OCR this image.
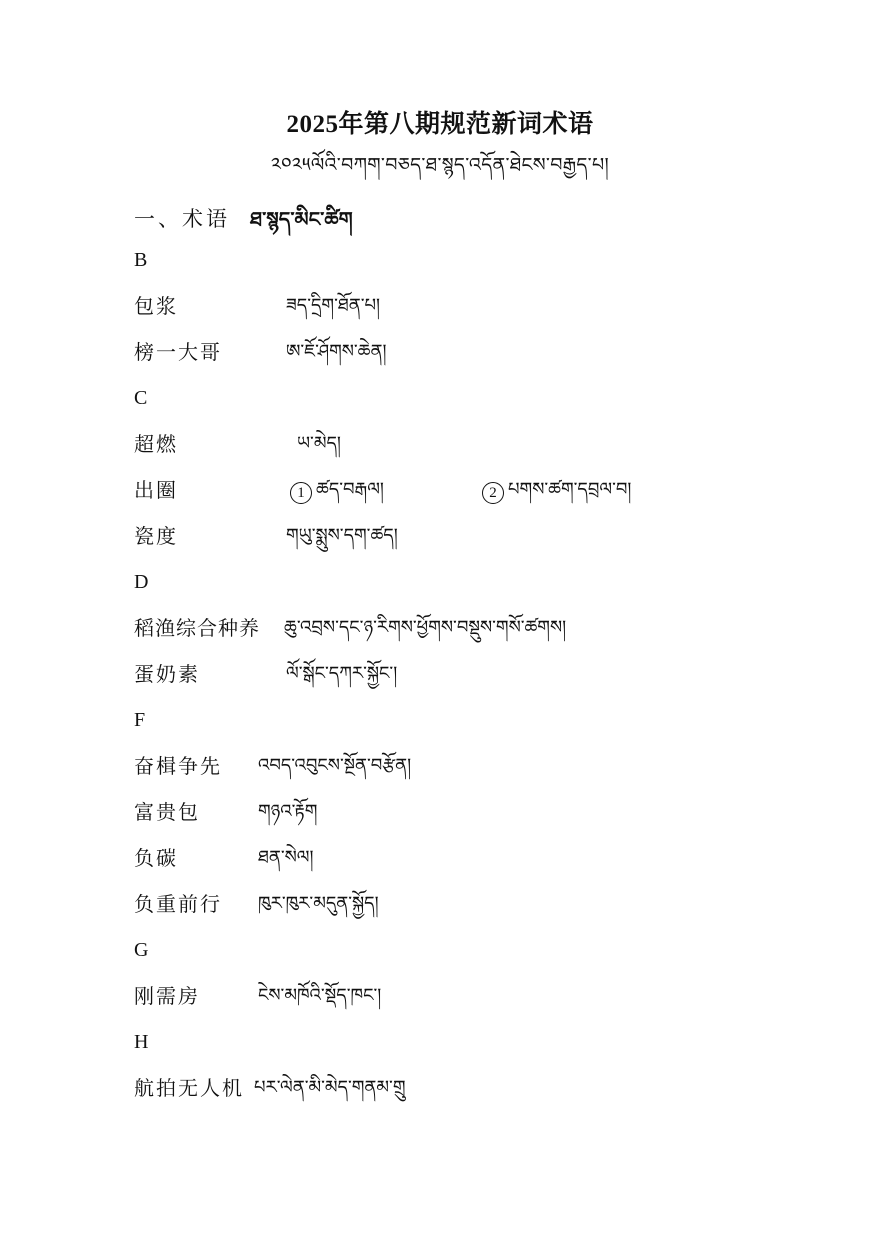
2025年第八期规范新词术语
༢༠༢༥ལོའི་བཀག་བཅད་ཐ་སྙད་འདོན་ཐེངས་བརྒྱད་པ།
一、术语 ཐ་སྙད་མིང་ཚིག
B
包浆	ཟད་དྲིག་ཐོན་པ།
榜一大哥	ཨ་ཇོ་ཤོགས་ཆེན།
C
超燃	ཡ་མེད།
出圈	1 ཚད་བརྒལ།	2 པགས་ཚག་དབྲལ་བ།
瓷度	གཡུ་སྨུས་དག་ཚད།
D
稻渔综合种养 ཆུ་འབྲས་དང་ཉ་རིགས་ཕྱོགས་བསྡུས་གསོ་ཚགས།
蛋奶素	ལོ་སྒོང་དཀར་སྐྱོང་།
F
奋楫争先 འབད་འབུངས་སྔོན་བརྩོན།
富贵包	གཉའ་རྟོག
负碳	ཐན་སེལ།
负重前行 ཁུར་ཁུར་མདུན་སྐྱོད།
G
刚需房	ངེས་མཁོའི་སྡོད་ཁང་།
H
航拍无人机 པར་ལེན་མི་མེད་གནམ་གྲུ
